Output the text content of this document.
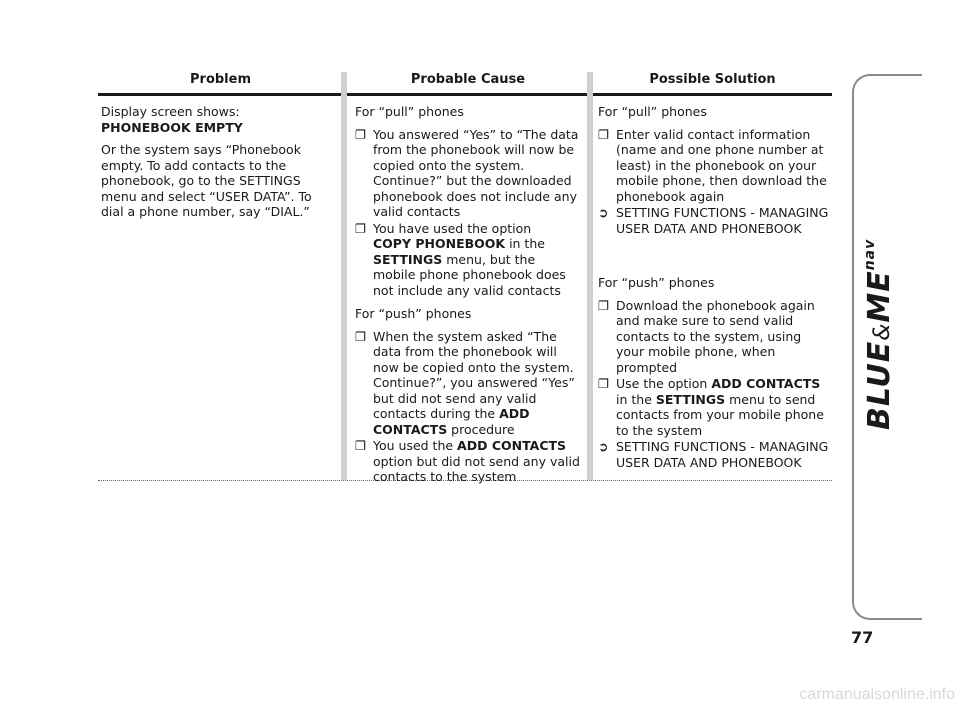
Problem	Probable Cause	Possible Solution
Display screen shows:

PHONEBOOK EMPTY

Or the system says “Phonebook empty. To add contacts to the phonebook, go to the SETTINGS menu and select “USER DATA”. To dial a phone number, say “DIAL.”

For “pull” phones

❐ You answered “Yes” to “The data from the phonebook will now be copied onto the system. Continue?” but the downloaded phonebook does not include any valid contacts
❐ You have used the option
COPY PHONEBOOK in the SETTINGS menu, but the mobile phone phonebook does not include any valid contacts

For “push” phones

❐ When the system asked “The data from the phonebook will now be copied onto the system. Continue?”, you answered “Yes” but did not send any valid contacts during the ADD CONTACTS procedure
❐ You used the ADD CONTACTS option but did not send any valid contacts to the system

For “pull” phones

❐ Enter valid contact information (name and one phone number at least) in the phonebook on your mobile phone, then download the phonebook again
➲ SETTING FUNCTIONS - MANAGING USER DATA AND PHONEBOOK

For “push” phones

❐ Download the phonebook again and make sure to send valid contacts to the system, using your mobile phone, when prompted
❐ Use the option ADD CONTACTS in the SETTINGS menu to send contacts from your mobile phone to the system
➲ SETTING FUNCTIONS - MANAGING USER DATA AND PHONEBOOK
$BLUE\&ME^{nav}$
77
carmanualsonline.info
